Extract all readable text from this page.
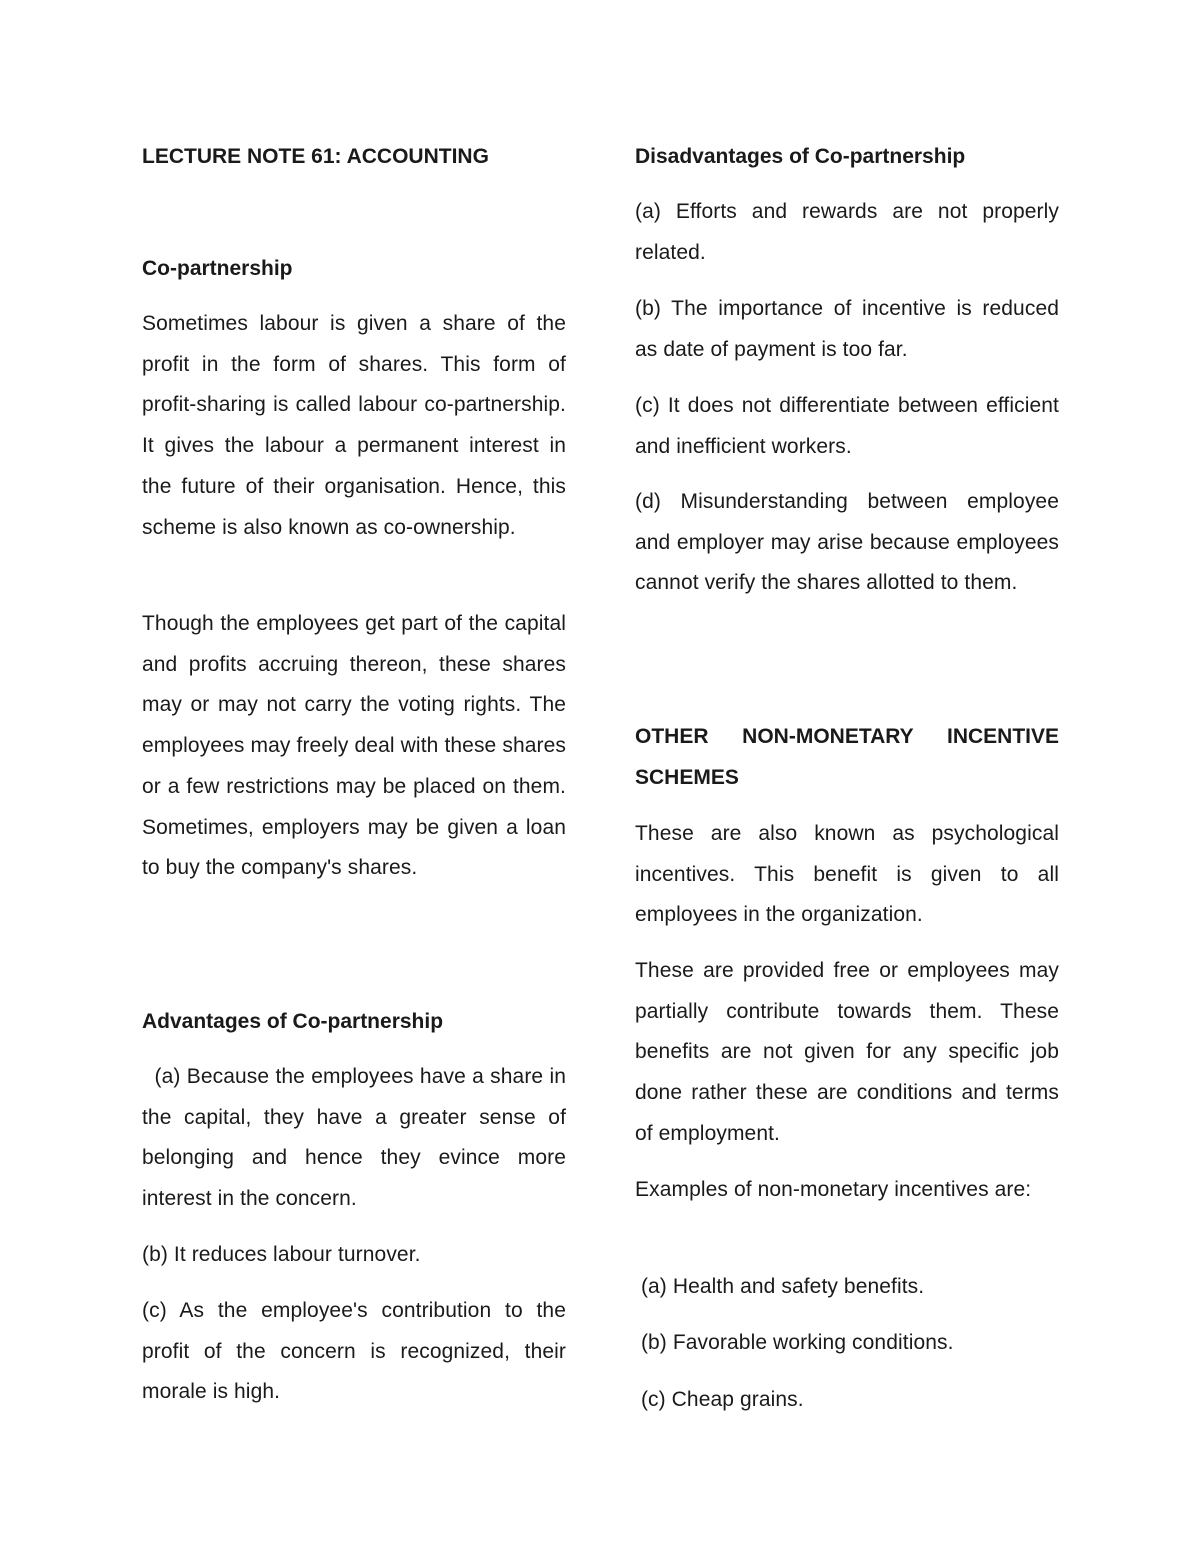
LECTURE NOTE 61: ACCOUNTING

Co-partnership

Sometimes labour is given a share of the profit in the form of shares. This form of profit-sharing is called labour co-partnership. It gives the labour a permanent interest in the future of their organisation. Hence, this scheme is also known as co-ownership.

Though the employees get part of the capital and profits accruing thereon, these shares may or may not carry the voting rights. The employees may freely deal with these shares or a few restrictions may be placed on them. Sometimes, employers may be given a loan to buy the company's shares.

Advantages of Co-partnership

(a) Because the employees have a share in the capital, they have a greater sense of belonging and hence they evince more interest in the concern.

(b) It reduces labour turnover.

(c) As the employee's contribution to the profit of the concern is recognized, their morale is high.

Disadvantages of Co-partnership

(a) Efforts and rewards are not properly related.

(b) The importance of incentive is reduced as date of payment is too far.

(c) It does not differentiate between efficient and inefficient workers.

(d) Misunderstanding between employee and employer may arise because employees cannot verify the shares allotted to them.

OTHER NON-MONETARY INCENTIVE SCHEMES

These are also known as psychological incentives. This benefit is given to all employees in the organization.

These are provided free or employees may partially contribute towards them. These benefits are not given for any specific job done rather these are conditions and terms of employment.

Examples of non-monetary incentives are:

(a) Health and safety benefits.

(b) Favorable working conditions.

(c) Cheap grains.
